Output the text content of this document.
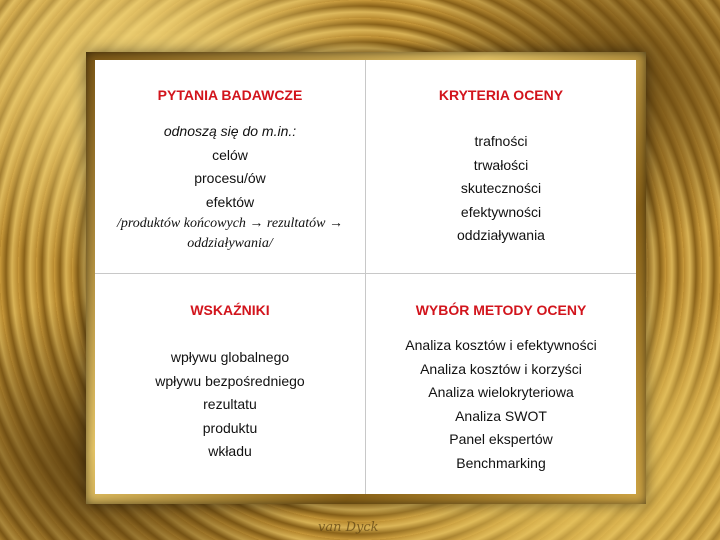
van Dyck
PYTANIA BADAWCZE
odnoszą się do m.in.:
celów
procesu/ów
efektów
/produktów końcowych → rezultatów →
oddziaływania/
KRYTERIA OCENY
trafności
trwałości
skuteczności
efektywności
oddziaływania
WSKAŹNIKI
wpływu globalnego
wpływu bezpośredniego
rezultatu
produktu
wkładu
WYBÓR METODY OCENY
Analiza kosztów i efektywności
Analiza kosztów i korzyści
Analiza wielokryteriowa
Analiza SWOT
Panel ekspertów
Benchmarking
